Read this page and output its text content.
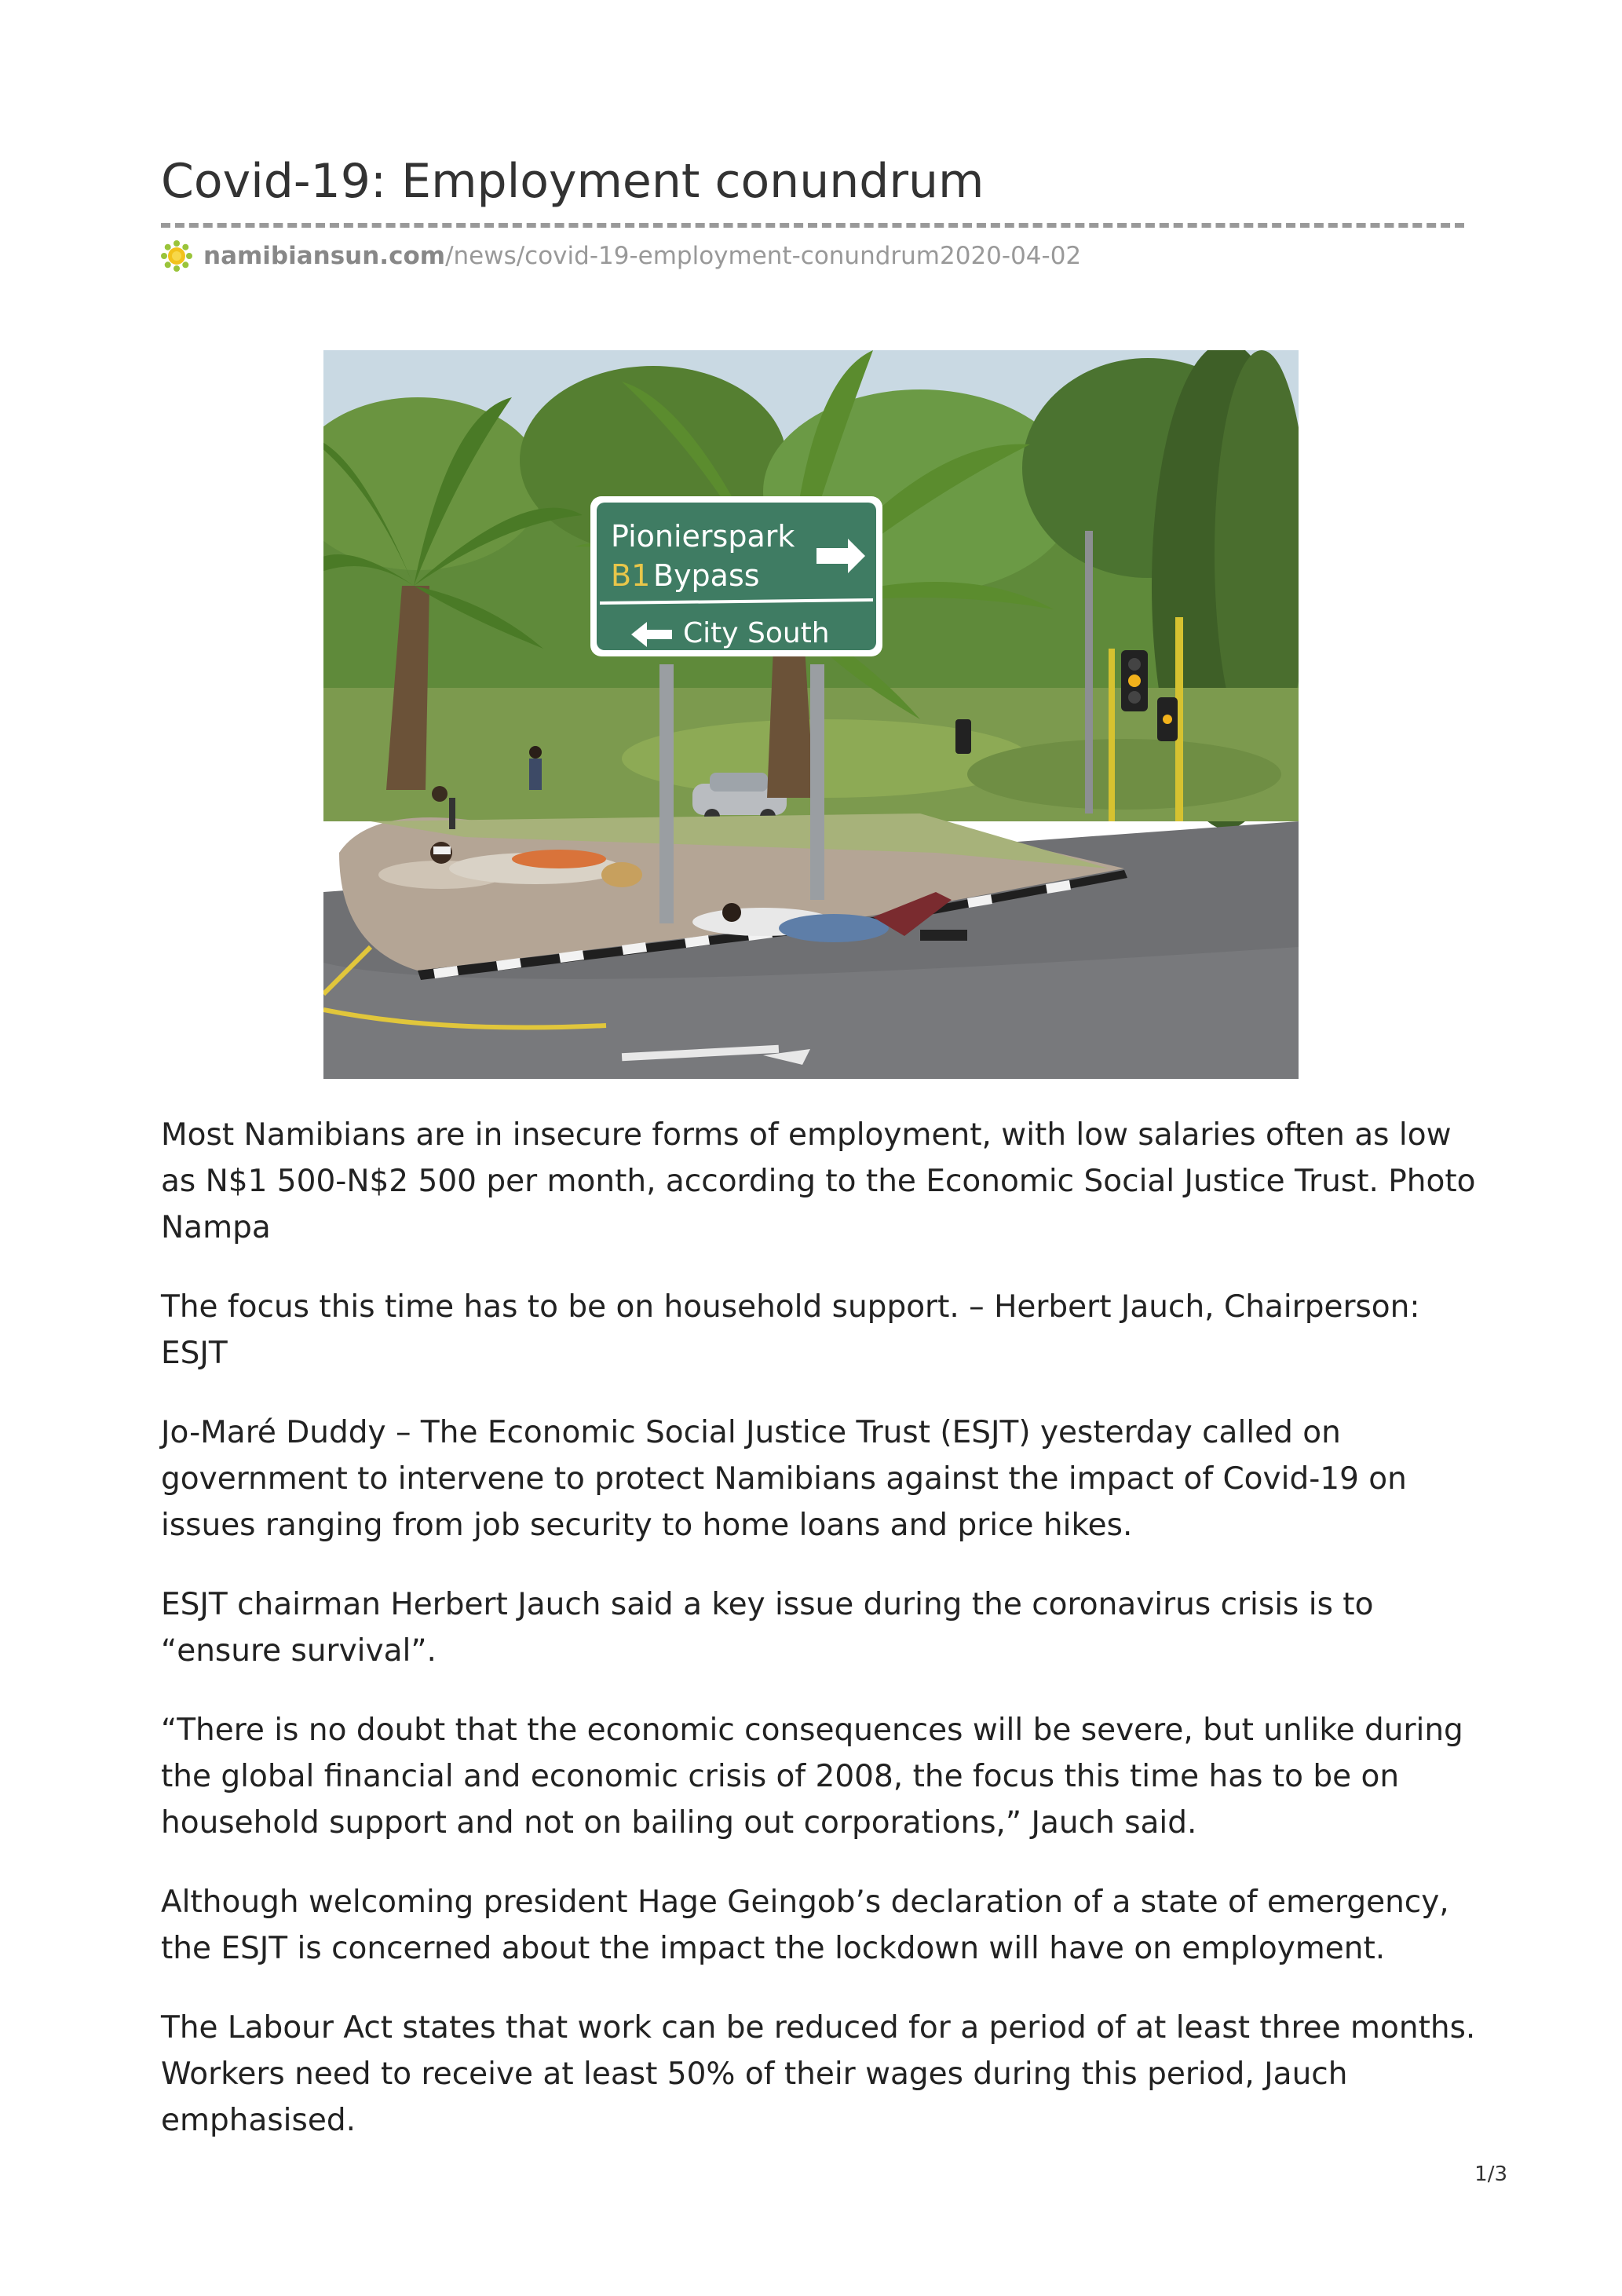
Covid-19: Employment conundrum
namibiansun.com /news/covid-19-employment-conundrum2020-04-02
Pionierspark
B1 Bypass
City South

Most Namibians are in insecure forms of employment, with low salaries often as low as N$1 500-N$2 500 per month, according to the Economic Social Justice Trust. Photo Nampa

The focus this time has to be on household support. – Herbert Jauch, Chairperson: ESJT

Jo-Maré Duddy – The Economic Social Justice Trust (ESJT) yesterday called on government to intervene to protect Namibians against the impact of Covid-19 on issues ranging from job security to home loans and price hikes.

ESJT chairman Herbert Jauch said a key issue during the coronavirus crisis is to “ensure survival”.

“There is no doubt that the economic consequences will be severe, but unlike during the global financial and economic crisis of 2008, the focus this time has to be on household support and not on bailing out corporations,” Jauch said.

Although welcoming president Hage Geingob’s declaration of a state of emergency, the ESJT is concerned about the impact the lockdown will have on employment.

The Labour Act states that work can be reduced for a period of at least three months. Workers need to receive at least 50% of their wages during this period, Jauch emphasised.

1/3
